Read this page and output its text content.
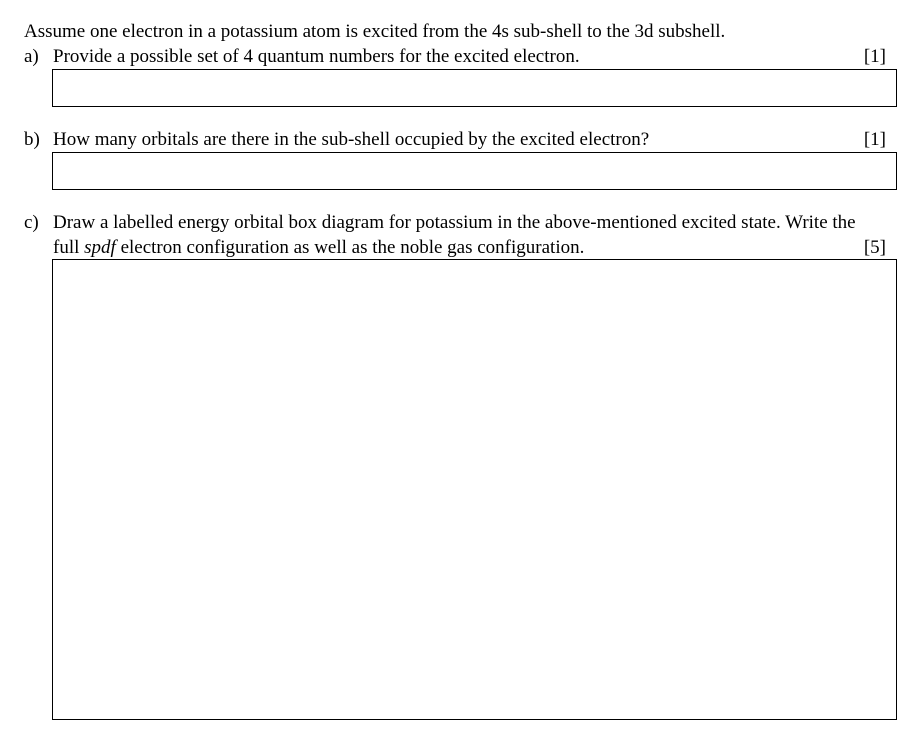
Assume one electron in a potassium atom is excited from the 4s sub-shell to the 3d subshell.
a) Provide a possible set of 4 quantum numbers for the excited electron.	[1]
b) How many orbitals are there in the sub-shell occupied by the excited electron?	[1]
c) Draw a labelled energy orbital box diagram for potassium in the above-mentioned excited state. Write the
full spdf electron configuration as well as the noble gas configuration.	[5]
